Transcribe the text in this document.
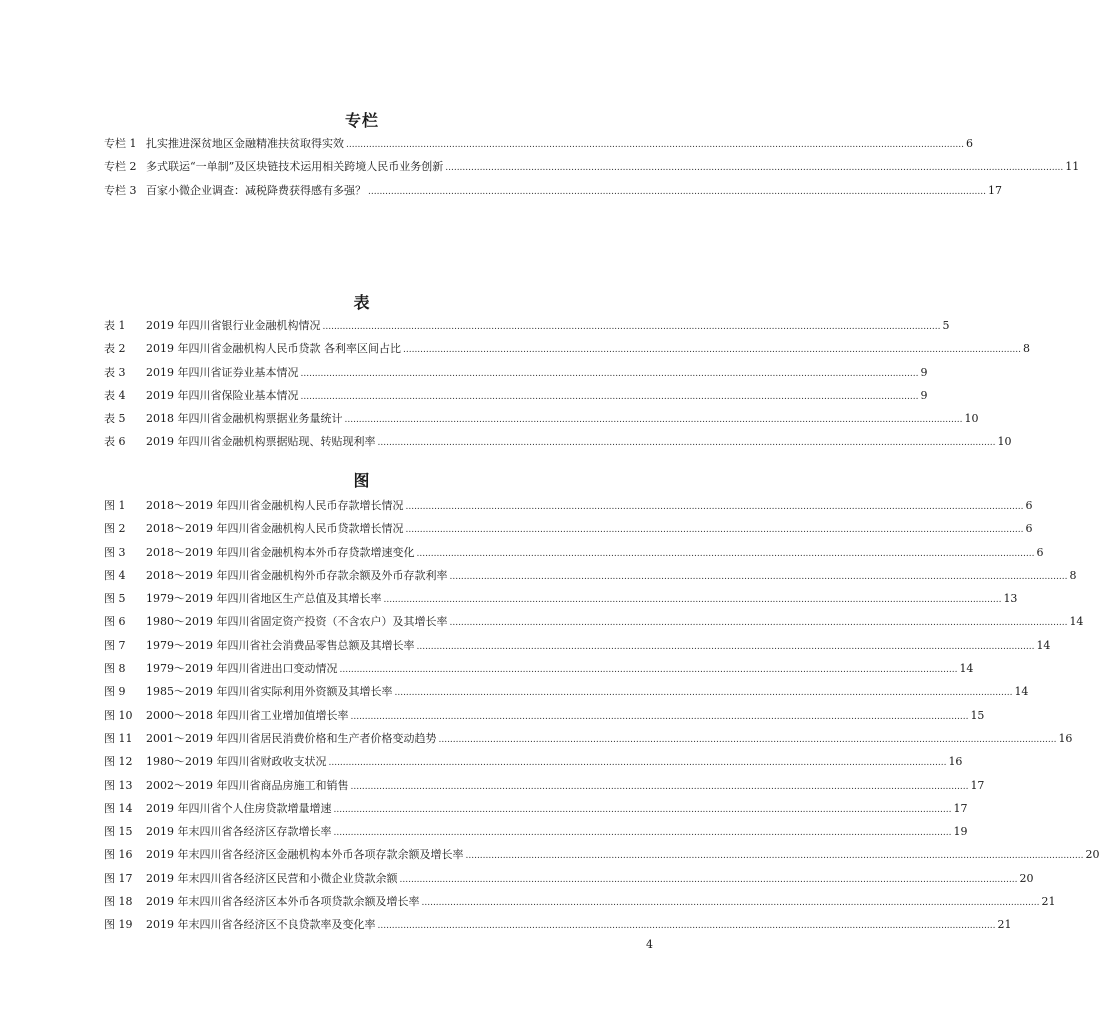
专栏
专栏 1 扎实推进深贫地区金融精准扶贫取得实效 .....	6
专栏 2 多式联运“一单制”及区块链技术运用相关跨境人民币业务创新 .....	11
专栏 3 百家小微企业调查：减税降费获得感有多强？ .....	17
表
表 1	2019 年四川省银行业金融机构情况 .....	5
表 2	2019 年四川省金融机构人民币贷款 各利率区间占比 .....	8
表 3	2019 年四川省证券业基本情况 .....	9
表 4	2019 年四川省保险业基本情况 .....	9
表 5	2018 年四川省金融机构票据业务量统计 .....	10
表 6	2019 年四川省金融机构票据贴现、转贴现利率 .....	10
图
图 1	2018～2019 年四川省金融机构人民币存款增长情况 .....	6
图 2	2018～2019 年四川省金融机构人民币贷款增长情况 .....	6
图 3	2018～2019 年四川省金融机构本外币存贷款增速变化 .....	6
图 4	2018～2019 年四川省金融机构外币存款余额及外币存款利率 .....	8
图 5	1979～2019 年四川省地区生产总值及其增长率 .....	13
图 6	1980～2019 年四川省固定资产投资（不含农户）及其增长率 .....	14
图 7	1979～2019 年四川省社会消费品零售总额及其增长率 .....	14
图 8	1979～2019 年四川省进出口变动情况 .....	14
图 9	1985～2019 年四川省实际利用外资额及其增长率 .....	14
图 10	2000～2018 年四川省工业增加值增长率 .....	15
图 11	2001～2019 年四川省居民消费价格和生产者价格变动趋势 .....	16
图 12	1980～2019 年四川省财政收支状况 .....	16
图 13	2002～2019 年四川省商品房施工和销售 .....	17
图 14	2019 年四川省个人住房贷款增量增速 .....	17
图 15	2019 年末四川省各经济区存款增长率 .....	19
图 16	2019 年末四川省各经济区金融机构本外币各项存款余额及增长率 .....	20
图 17	2019 年末四川省各经济区民营和小微企业贷款余额 .....	20
图 18	2019 年末四川省各经济区本外币各项贷款余额及增长率 .....	21
图 19	2019 年末四川省各经济区不良贷款率及变化率 .....	21
4
